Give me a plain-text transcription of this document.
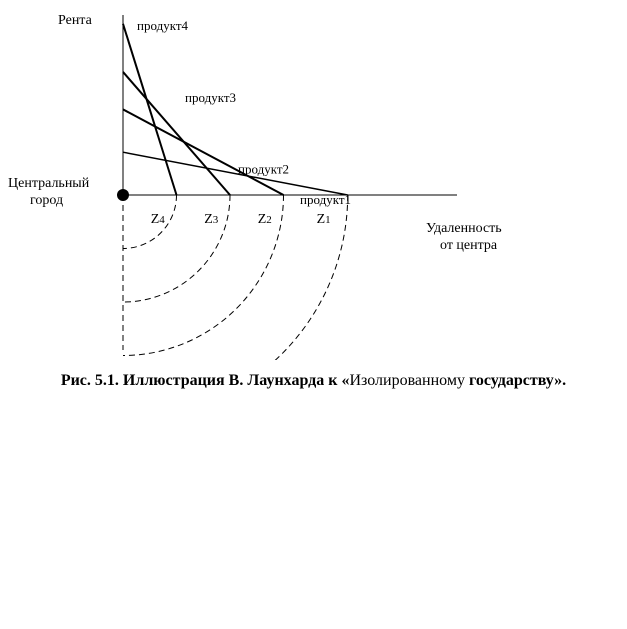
продукт1
продукт2
продукт3
продукт4
Z4	Z3	Z2	Z1
Рента
Удаленность
от центра
Центральный
город
Рис. 5.1. Иллюстрация В. Лаунхарда к «Изолированному государству».
